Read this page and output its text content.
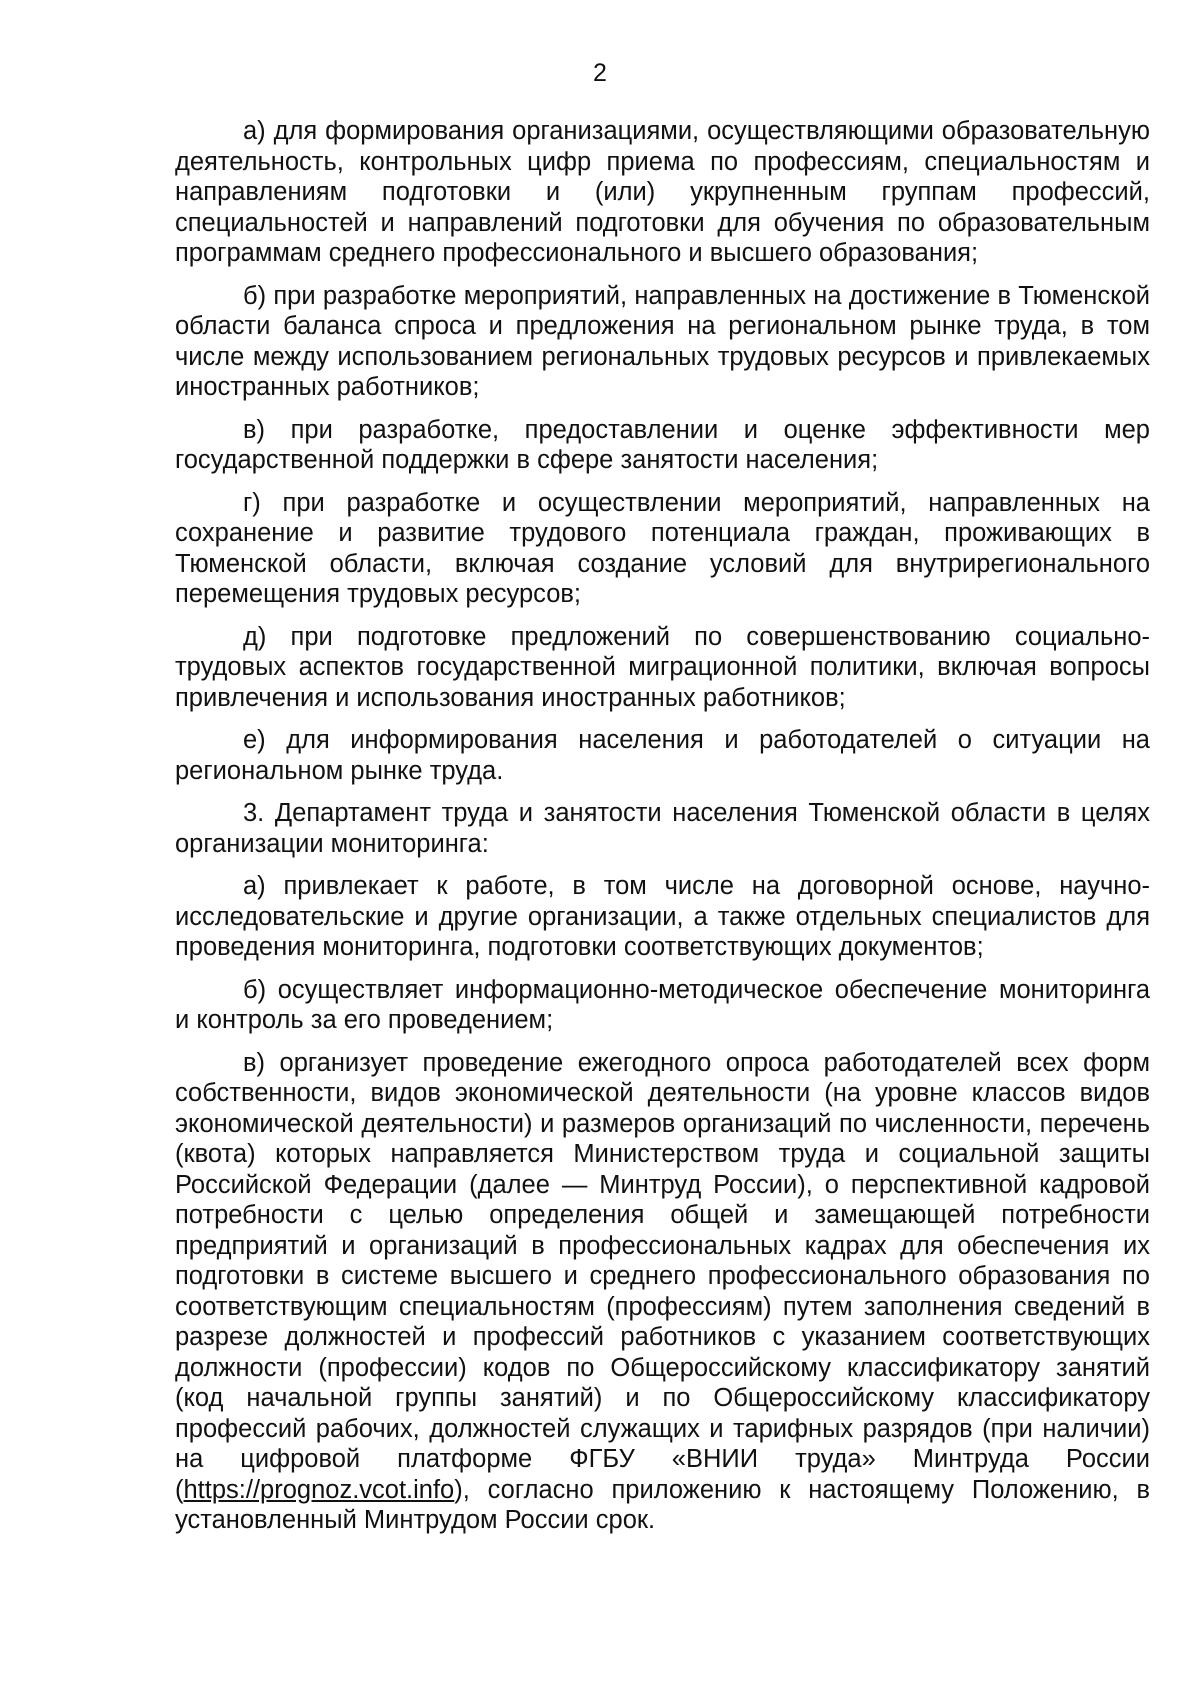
2

а) для формирования организациями, осуществляющими образовательную деятельность, контрольных цифр приема по профессиям, специальностям и направлениям подготовки и (или) укрупненным группам профессий, специальностей и направлений подготовки для обучения по образовательным программам среднего профессионального и высшего образования;

б) при разработке мероприятий, направленных на достижение в Тюменской области баланса спроса и предложения на региональном рынке труда, в том числе между использованием региональных трудовых ресурсов и привлекаемых иностранных работников;

в) при разработке, предоставлении и оценке эффективности мер государственной поддержки в сфере занятости населения;

г) при разработке и осуществлении мероприятий, направленных на сохранение и развитие трудового потенциала граждан, проживающих в Тюменской области, включая создание условий для внутрирегионального перемещения трудовых ресурсов;

д) при подготовке предложений по совершенствованию социально-трудовых аспектов государственной миграционной политики, включая вопросы привлечения и использования иностранных работников;

е) для информирования населения и работодателей о ситуации на региональном рынке труда.

3. Департамент труда и занятости населения Тюменской области в целях организации мониторинга:

а) привлекает к работе, в том числе на договорной основе, научно-исследовательские и другие организации, а также отдельных специалистов для проведения мониторинга, подготовки соответствующих документов;

б) осуществляет информационно-методическое обеспечение мониторинга и контроль за его проведением;

в) организует проведение ежегодного опроса работодателей всех форм собственности, видов экономической деятельности (на уровне классов видов экономической деятельности) и размеров организаций по численности, перечень (квота) которых направляется Министерством труда и социальной защиты Российской Федерации (далее — Минтруд России), о перспективной кадровой потребности с целью определения общей и замещающей потребности предприятий и организаций в профессиональных кадрах для обеспечения их подготовки в системе высшего и среднего профессионального образования по соответствующим специальностям (профессиям) путем заполнения сведений в разрезе должностей и профессий работников с указанием соответствующих должности (профессии) кодов по Общероссийскому классификатору занятий (код начальной группы занятий) и по Общероссийскому классификатору профессий рабочих, должностей служащих и тарифных разрядов (при наличии) на цифровой платформе ФГБУ «ВНИИ труда» Минтруда России (https://prognoz.vcot.info), согласно приложению к настоящему Положению, в установленный Минтрудом России срок.
